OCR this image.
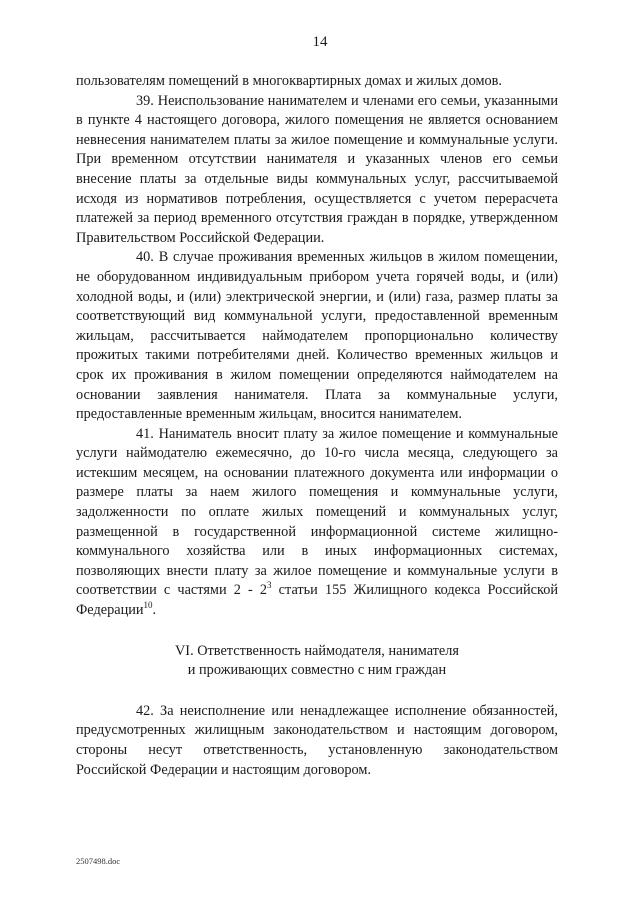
14

пользователям помещений в многоквартирных домах и жилых домов.

39. Неиспользование нанимателем и членами его семьи, указанными в пункте 4 настоящего договора, жилого помещения не является основанием невнесения нанимателем платы за жилое помещение и коммунальные услуги. При временном отсутствии нанимателя и указанных членов его семьи внесение платы за отдельные виды коммунальных услуг, рассчитываемой исходя из нормативов потребления, осуществляется с учетом перерасчета платежей за период временного отсутствия граждан в порядке, утвержденном Правительством Российской Федерации.

40. В случае проживания временных жильцов в жилом помещении, не оборудованном индивидуальным прибором учета горячей воды, и (или) холодной воды, и (или) электрической энергии, и (или) газа, размер платы за соответствующий вид коммунальной услуги, предоставленной временным жильцам, рассчитывается наймодателем пропорционально количеству прожитых такими потребителями дней. Количество временных жильцов и срок их проживания в жилом помещении определяются наймодателем на основании заявления нанимателя. Плата за коммунальные услуги, предоставленные временным жильцам, вносится нанимателем.

41. Наниматель вносит плату за жилое помещение и коммунальные услуги наймодателю ежемесячно, до 10-го числа месяца, следующего за истекшим месяцем, на основании платежного документа или информации о размере платы за наем жилого помещения и коммунальные услуги, задолженности по оплате жилых помещений и коммунальных услуг, размещенной в государственной информационной системе жилищно-коммунального хозяйства или в иных информационных системах, позволяющих внести плату за жилое помещение и коммунальные услуги в соответствии с частями $2 - 2^3$ статьи 155 Жилищного кодекса Российской Федерации$^{10}$.

VI. Ответственность наймодателя, нанимателя
и проживающих совместно с ним граждан

42. За неисполнение или ненадлежащее исполнение обязанностей, предусмотренных жилищным законодательством и настоящим договором, стороны несут ответственность, установленную законодательством Российской Федерации и настоящим договором.

2507498.doc
